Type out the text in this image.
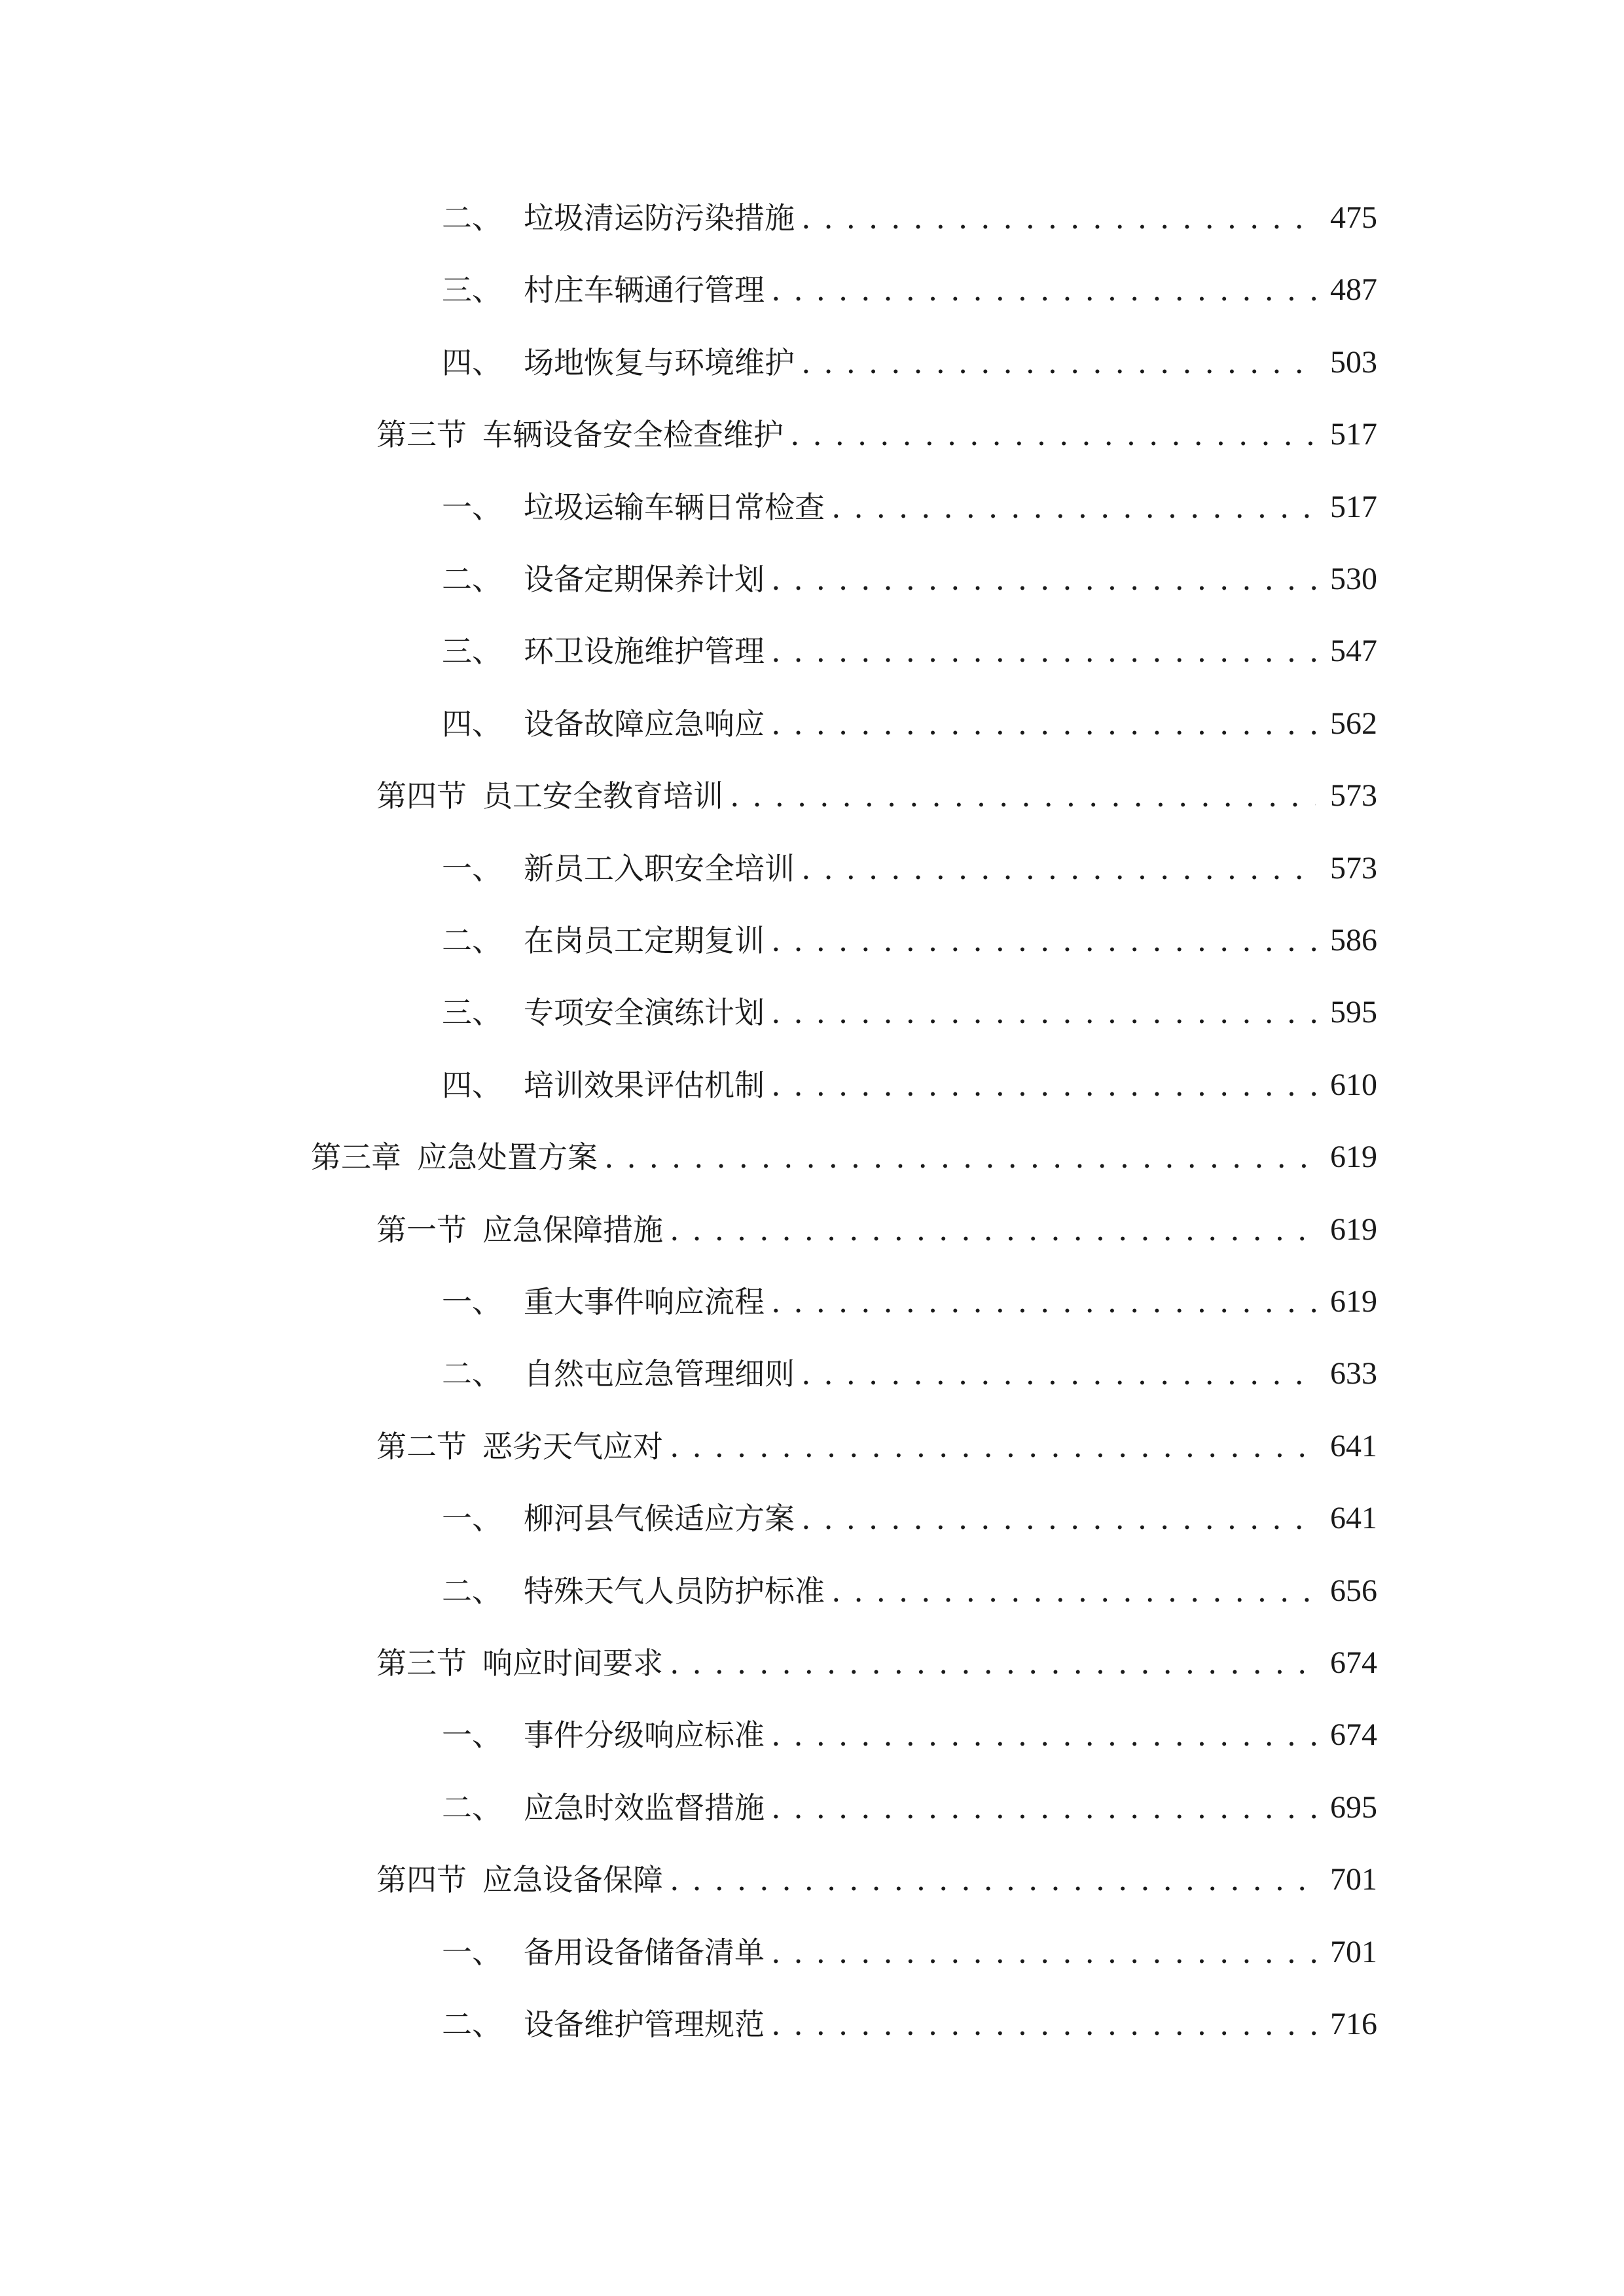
二、 垃圾清运防污染措施 . . .	475
三、 村庄车辆通行管理 . . .	487
四、 场地恢复与环境维护 . . .	503
第三节 车辆设备安全检查维护 . . .	517
一、 垃圾运输车辆日常检查 . . .	517
二、 设备定期保养计划 . . .	530
三、 环卫设施维护管理 . . .	547
四、 设备故障应急响应 . . .	562
第四节 员工安全教育培训 . . .	573
一、 新员工入职安全培训 . . .	573
二、 在岗员工定期复训 . . .	586
三、 专项安全演练计划 . . .	595
四、 培训效果评估机制 . . .	610
第三章 应急处置方案 . . .	619
第一节 应急保障措施 . . .	619
一、 重大事件响应流程 . . .	619
二、 自然屯应急管理细则 . . .	633
第二节 恶劣天气应对 . . .	641
一、 柳河县气候适应方案 . . .	641
二、 特殊天气人员防护标准 . . .	656
第三节 响应时间要求 . . .	674
一、 事件分级响应标准 . . .	674
二、 应急时效监督措施 . . .	695
第四节 应急设备保障 . . .	701
一、 备用设备储备清单 . . .	701
二、 设备维护管理规范 . . .	716
